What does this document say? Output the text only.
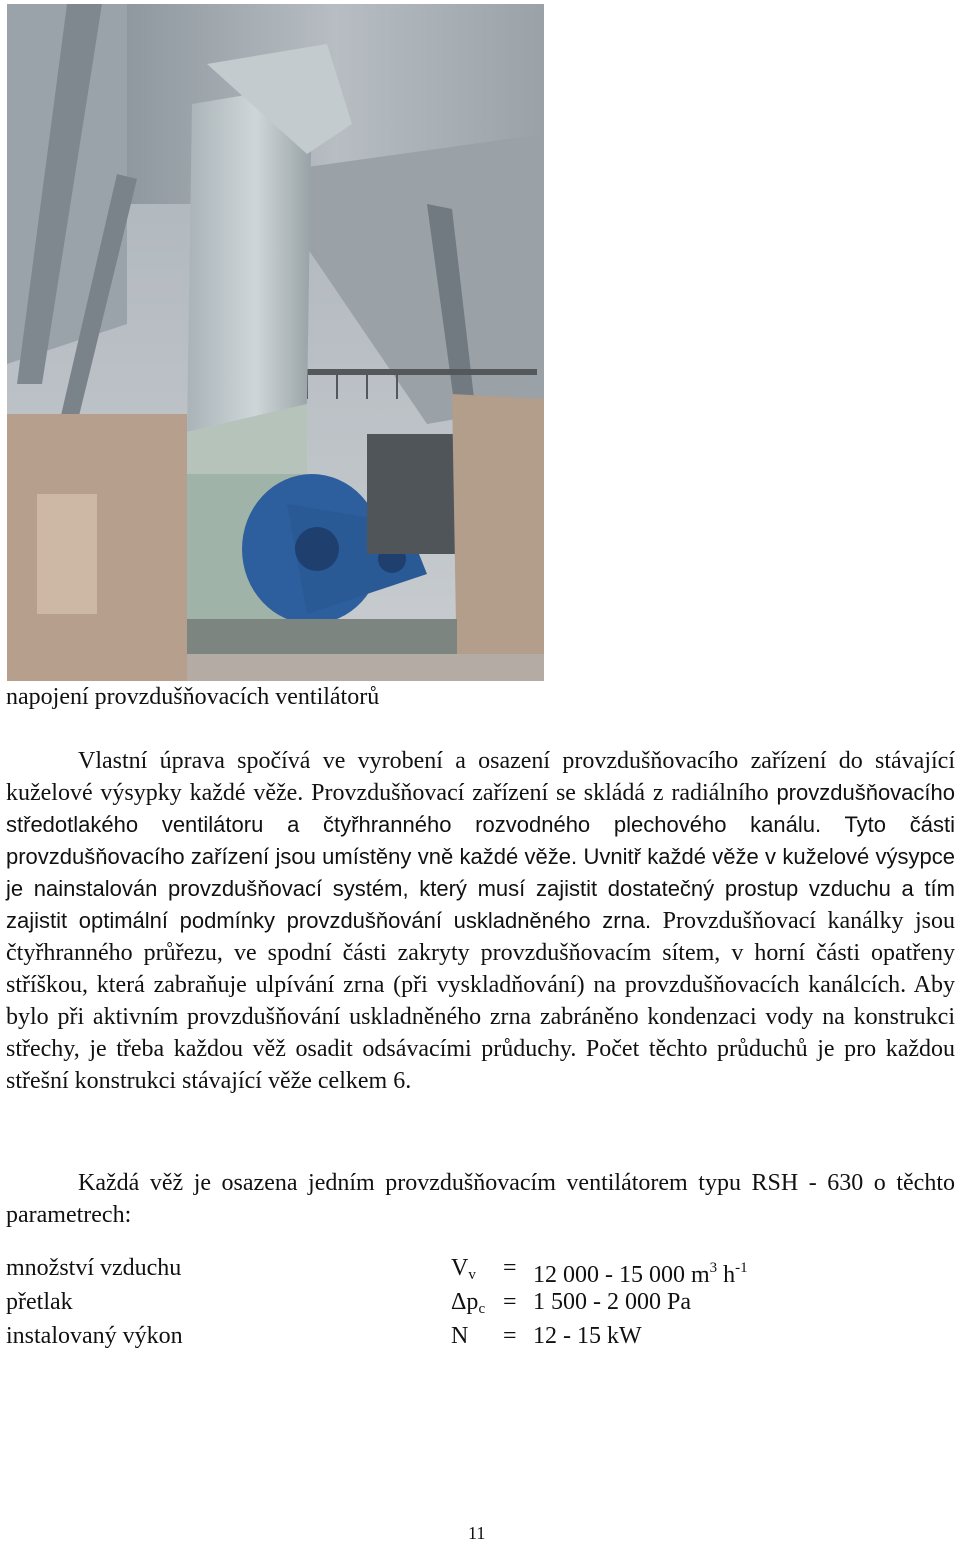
napojení provzdušňovacích ventilátorů

Vlastní úprava spočívá ve vyrobení a osazení provzdušňovacího zařízení do stávající kuželové výsypky každé věže. Provzdušňovací zařízení se skládá z radiálního provzdušňovacího středotlakého ventilátoru a čtyřhranného rozvodného plechového kanálu. Tyto části provzdušňovacího zařízení jsou umístěny vně každé věže. Uvnitř každé věže v kuželové výsypce je nainstalován provzdušňovací systém, který musí zajistit dostatečný prostup vzduchu a tím zajistit optimální podmínky provzdušňování uskladněného zrna. Provzdušňovací kanálky jsou čtyřhranného průřezu, ve spodní části zakryty provzdušňovacím sítem, v horní části opatřeny stříškou, která zabraňuje ulpívání zrna (při vyskladňování) na provzdušňovacích kanálcích. Aby bylo při aktivním provzdušňování uskladněného zrna zabráněno kondenzaci vody na konstrukci střechy, je třeba každou věž osadit odsávacími průduchy. Počet těchto průduchů je pro každou střešní konstrukci stávající věže celkem 6.

Každá věž je osazena jedním provzdušňovacím ventilátorem typu RSH - 630 o těchto parametrech:

množství vzduchu	$V_v = 12$ 000 - 15 000 $m^3$ $h^{-1}$
přetlak	$\Delta p_c = 1$ 500 - 2 000 Pa
instalovaný výkon	N = 12 - 15 kW
11
